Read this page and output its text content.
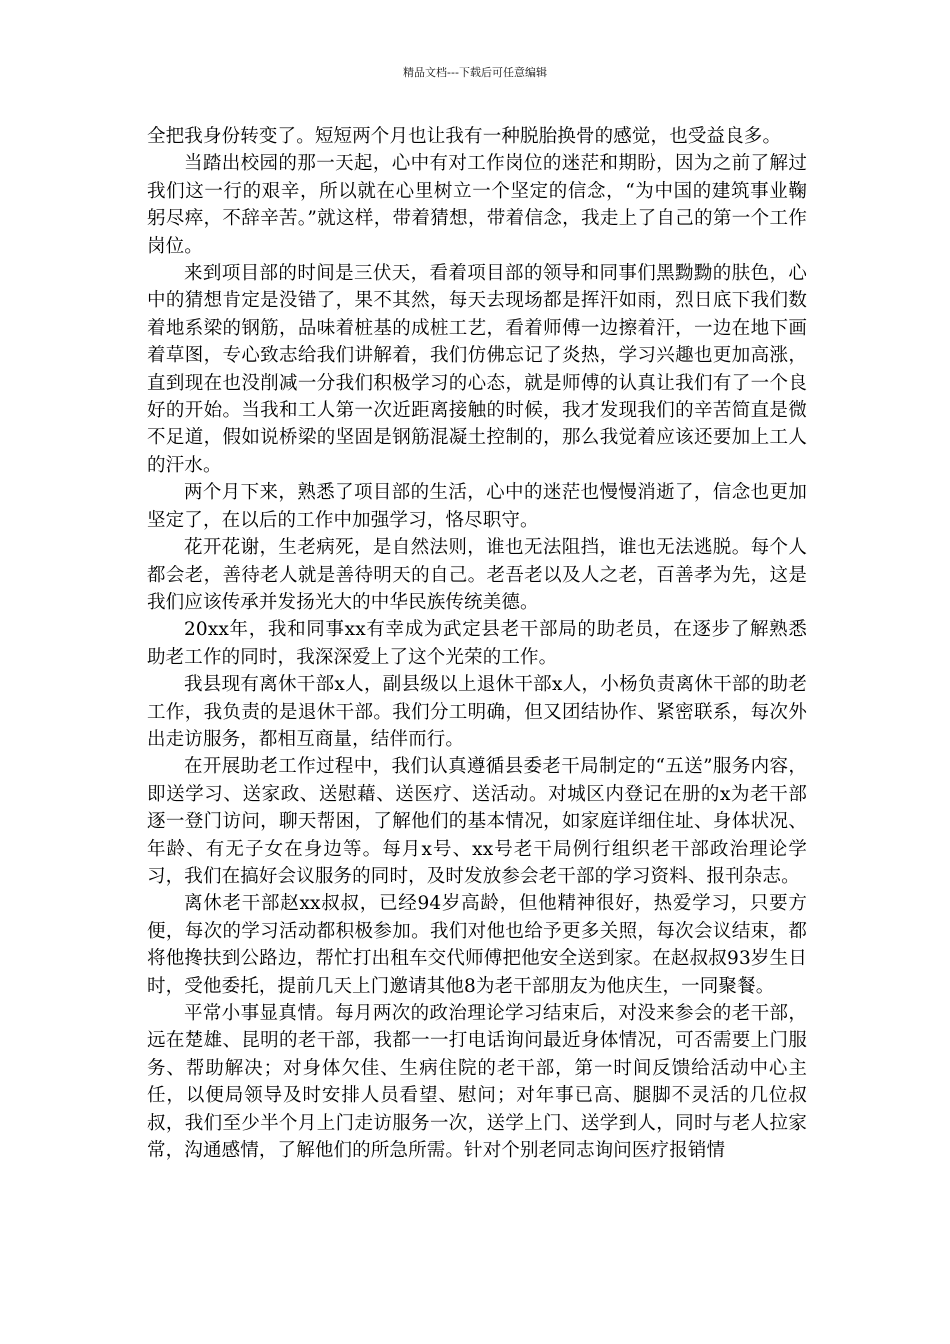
精品文档---下载后可任意编辑

全把我身份转变了。短短两个月也让我有一种脱胎换骨的感觉，也受益良多。

当踏出校园的那一天起，心中有对工作岗位的迷茫和期盼，因为之前了解过我们这一行的艰辛，所以就在心里树立一个坚定的信念，“为中国的建筑事业鞠躬尽瘁，不辞辛苦。”就这样，带着猜想，带着信念，我走上了自己的第一个工作岗位。

来到项目部的时间是三伏天，看着项目部的领导和同事们黑黝黝的肤色，心中的猜想肯定是没错了，果不其然，每天去现场都是挥汗如雨，烈日底下我们数着地系梁的钢筋，品味着桩基的成桩工艺，看着师傅一边擦着汗，一边在地下画着草图，专心致志给我们讲解着，我们仿佛忘记了炎热，学习兴趣也更加高涨，直到现在也没削减一分我们积极学习的心态，就是师傅的认真让我们有了一个良好的开始。当我和工人第一次近距离接触的时候，我才发现我们的辛苦简直是微不足道，假如说桥梁的坚固是钢筋混凝土控制的，那么我觉着应该还要加上工人的汗水。

两个月下来，熟悉了项目部的生活，心中的迷茫也慢慢消逝了，信念也更加坚定了，在以后的工作中加强学习，恪尽职守。

花开花谢，生老病死，是自然法则，谁也无法阻挡，谁也无法逃脱。每个人都会老，善待老人就是善待明天的自己。老吾老以及人之老，百善孝为先，这是我们应该传承并发扬光大的中华民族传统美德。

20xx年，我和同事xx有幸成为武定县老干部局的助老员，在逐步了解熟悉助老工作的同时，我深深爱上了这个光荣的工作。

我县现有离休干部x人，副县级以上退休干部x人，小杨负责离休干部的助老工作，我负责的是退休干部。我们分工明确，但又团结协作、紧密联系，每次外出走访服务，都相互商量，结伴而行。

在开展助老工作过程中，我们认真遵循县委老干局制定的“五送”服务内容，即送学习、送家政、送慰藉、送医疗、送活动。对城区内登记在册的x为老干部逐一登门访问，聊天帮困，了解他们的基本情况，如家庭详细住址、身体状况、年龄、有无子女在身边等。每月x号、xx号老干局例行组织老干部政治理论学习，我们在搞好会议服务的同时，及时发放参会老干部的学习资料、报刊杂志。

离休老干部赵xx叔叔，已经94岁高龄，但他精神很好，热爱学习，只要方便，每次的学习活动都积极参加。我们对他也给予更多关照，每次会议结束，都将他搀扶到公路边，帮忙打出租车交代师傅把他安全送到家。在赵叔叔93岁生日时，受他委托，提前几天上门邀请其他8为老干部朋友为他庆生，一同聚餐。

平常小事显真情。每月两次的政治理论学习结束后，对没来参会的老干部，远在楚雄、昆明的老干部，我都一一打电话询问最近身体情况，可否需要上门服务、帮助解决；对身体欠佳、生病住院的老干部，第一时间反馈给活动中心主任，以便局领导及时安排人员看望、慰问；对年事已高、腿脚不灵活的几位叔叔，我们至少半个月上门走访服务一次，送学上门、送学到人，同时与老人拉家常，沟通感情，了解他们的所急所需。针对个别老同志询问医疗报销情
